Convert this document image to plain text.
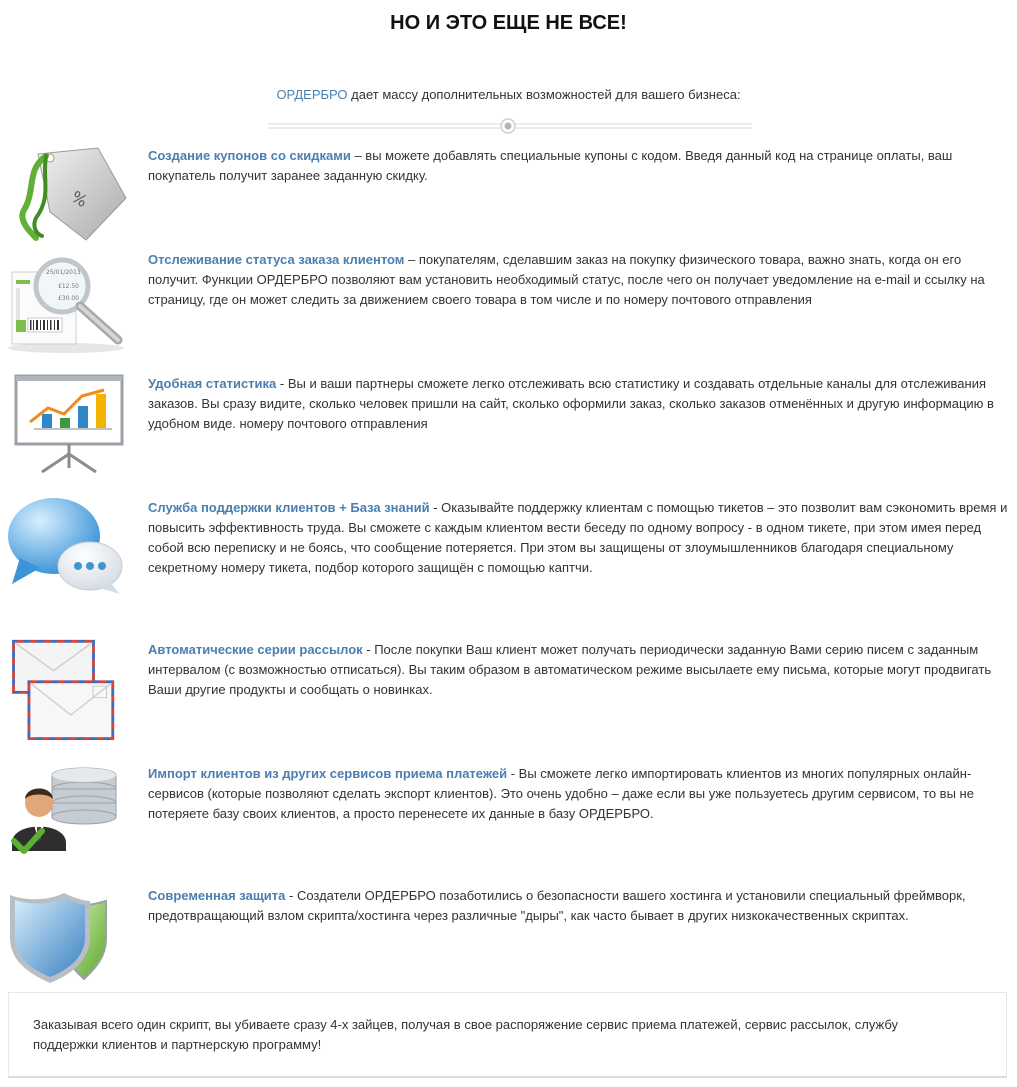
НО И ЭТО ЕЩЕ НЕ ВСЕ!
ОРДЕРБРО дает массу дополнительных возможностей для вашего бизнеса:
%
Создание купонов со скидками – вы можете добавлять специальные купоны с кодом. Введя данный код на странице оплаты, ваш покупатель получит заранее заданную скидку.
25/01/2013
£12.50
£30.00
Отслеживание статуса заказа клиентом – покупателям, сделавшим заказ на покупку физического товара, важно знать, когда он его получит. Функции ОРДЕРБРО позволяют вам установить необходимый статус, после чего он получает уведомление на e-mail и ссылку на страницу, где он может следить за движением своего товара в том числе и по номеру почтового отправления
Удобная статистика - Вы и ваши партнеры сможете легко отслеживать всю статистику и создавать отдельные каналы для отслеживания заказов. Вы сразу видите, сколько человек пришли на сайт, сколько оформили заказ, сколько заказов отменённых и другую информацию в удобном виде. номеру почтового отправления
Служба поддержки клиентов + База знаний - Оказывайте поддержку клиентам с помощью тикетов – это позволит вам сэкономить время и повысить эффективность труда. Вы сможете с каждым клиентом вести беседу по одному вопросу - в одном тикете, при этом имея перед собой всю переписку и не боясь, что сообщение потеряется. При этом вы защищены от злоумышленников благодаря специальному секретному номеру тикета, подбор которого защищён с помощью каптчи.
Автоматические серии рассылок - После покупки Ваш клиент может получать периодически заданную Вами серию писем с заданным интервалом (с возможностью отписаться). Вы таким образом в автоматическом режиме высылаете ему письма, которые могут продвигать Ваши другие продукты и сообщать о новинках.
Импорт клиентов из других сервисов приема платежей - Вы сможете легко импортировать клиентов из многих популярных онлайн-сервисов (которые позволяют сделать экспорт клиентов). Это очень удобно – даже если вы уже пользуетесь другим сервисом, то вы не потеряете базу своих клиентов, а просто перенесете их данные в базу ОРДЕРБРО.
Современная защита - Создатели ОРДЕРБРО позаботились о безопасности вашего хостинга и установили специальный фреймворк, предотвращающий взлом скрипта/хостинга через различные "дыры", как часто бывает в других низкокачественных скриптах.
Заказывая всего один скрипт, вы убиваете сразу 4-х зайцев, получая в свое распоряжение сервис приема платежей, сервис рассылок, службу поддержки клиентов и партнерскую программу!
